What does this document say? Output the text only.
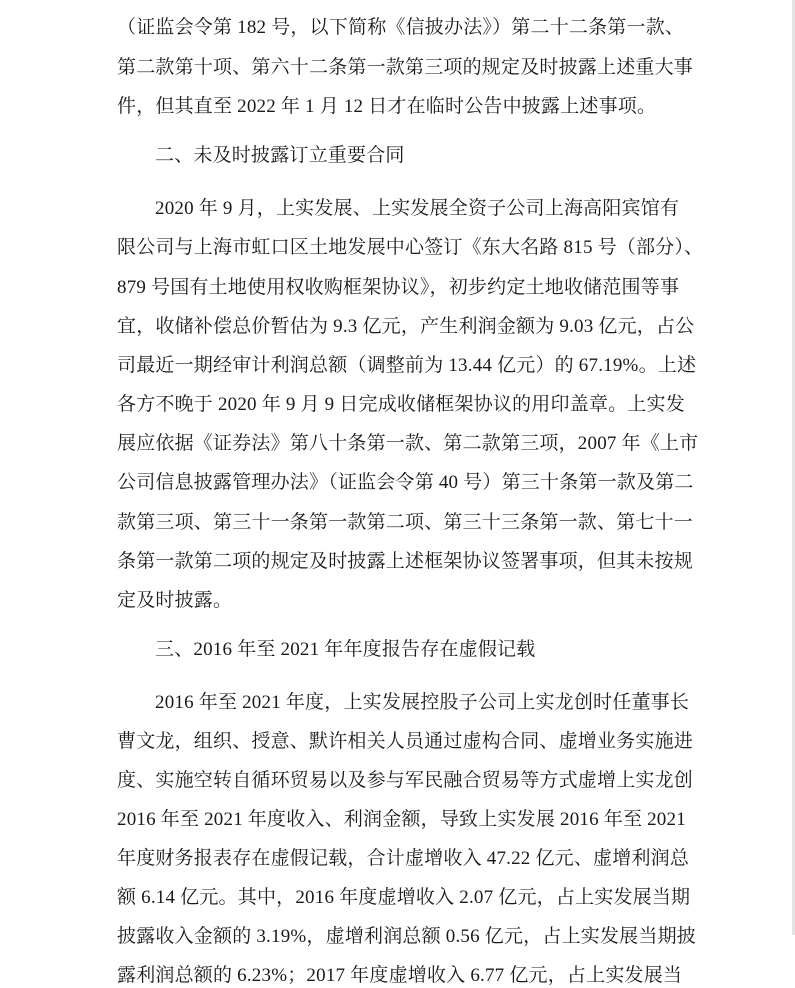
（证监会令第 182 号，以下简称《信披办法》）第二十二条第一款、
第二款第十项、第六十二条第一款第三项的规定及时披露上述重大事
件，但其直至 2022 年 1 月 12 日才在临时公告中披露上述事项。
二、未及时披露订立重要合同
2020 年 9 月，上实发展、上实发展全资子公司上海高阳宾馆有
限公司与上海市虹口区土地发展中心签订《东大名路 815 号（部分）、
879 号国有土地使用权收购框架协议》，初步约定土地收储范围等事
宜，收储补偿总价暂估为 9.3 亿元，产生利润金额为 9.03 亿元，占公
司最近一期经审计利润总额（调整前为 13.44 亿元）的 67.19%。上述
各方不晚于 2020 年 9 月 9 日完成收储框架协议的用印盖章。上实发
展应依据《证券法》第八十条第一款、第二款第三项，2007 年《上市
公司信息披露管理办法》（证监会令第 40 号）第三十条第一款及第二
款第三项、第三十一条第一款第二项、第三十三条第一款、第七十一
条第一款第二项的规定及时披露上述框架协议签署事项，但其未按规
定及时披露。
三、2016 年至 2021 年年度报告存在虚假记载
2016 年至 2021 年度，上实发展控股子公司上实龙创时任董事长
曹文龙，组织、授意、默许相关人员通过虚构合同、虚增业务实施进
度、实施空转自循环贸易以及参与军民融合贸易等方式虚增上实龙创
2016 年至 2021 年度收入、利润金额，导致上实发展 2016 年至 2021
年度财务报表存在虚假记载，合计虚增收入 47.22 亿元、虚增利润总
额 6.14 亿元。其中，2016 年度虚增收入 2.07 亿元，占上实发展当期
披露收入金额的 3.19%，虚增利润总额 0.56 亿元，占上实发展当期披
露利润总额的 6.23%；2017 年度虚增收入 6.77 亿元，占上实发展当
